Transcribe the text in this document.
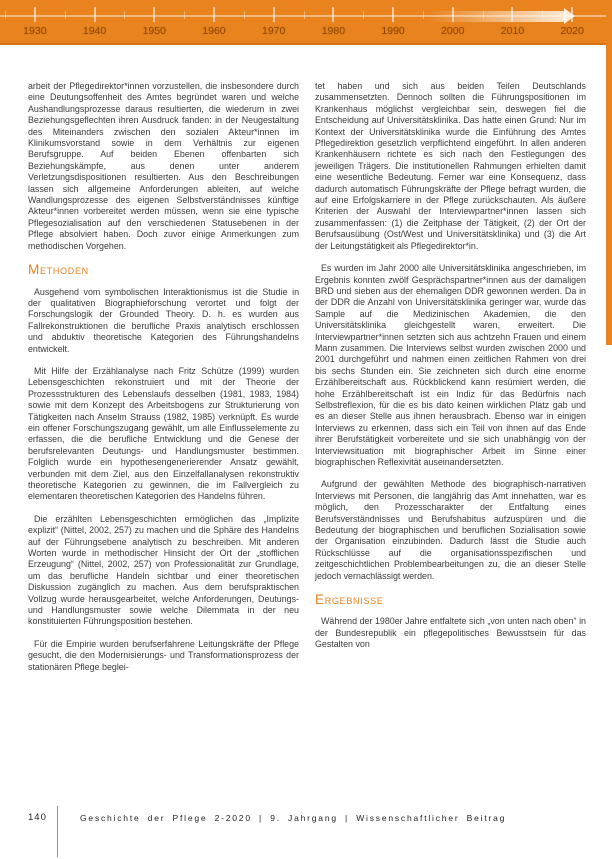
1930	1940	1950	1960	1970	1980	1990	2000	2010	2020

arbeit der Pflegedirektor*innen vorzustellen, die insbesondere durch eine Deutungsoffenheit des Amtes begründet waren und welche Aushandlungsprozesse daraus resultierten, die wiederum in zwei Beziehungsgeflechten ihren Ausdruck fanden: in der Neugestaltung des Miteinanders zwischen den sozialen Akteur*innen im Klinikumsvorstand sowie in dem Verhältnis zur eigenen Berufsgruppe. Auf beiden Ebenen offenbarten sich Beziehungskämpfe, aus denen unter anderem Verletzungsdispositionen resultierten. Aus den Beschreibungen lassen sich allgemeine Anforderungen ableiten, auf welche Wandlungsprozesse des eigenen Selbstverständnisses künftige Akteur*innen vorbereitet werden müssen, wenn sie eine typische Pflegesozialisation auf den verschiedenen Statusebenen in der Pflege absolviert haben. Doch zuvor einige Anmerkungen zum methodischen Vorgehen.

METHODEN

Ausgehend vom symbolischen Interaktionismus ist die Studie in der qualitativen Biographieforschung verortet und folgt der Forschungslogik der Grounded Theory. D. h. es wurden aus Fallrekonstruktionen die berufliche Praxis analytisch erschlossen und abduktiv theoretische Kategorien des Führungshandelns entwickelt.

Mit Hilfe der Erzählanalyse nach Fritz Schütze (1999) wurden Lebensgeschichten rekonstruiert und mit der Theorie der Prozessstrukturen des Lebenslaufs desselben (1981, 1983, 1984) sowie mit dem Konzept des Arbeitsbogens zur Strukturierung von Tätigkeiten nach Anselm Strauss (1982, 1985) verknüpft. Es wurde ein offener Forschungszugang gewählt, um alle Einflusselemente zu erfassen, die die berufliche Entwicklung und die Genese der berufsrelevanten Deutungs- und Handlungsmuster bestimmen. Folglich wurde ein hypothesengenerierender Ansatz gewählt, verbunden mit dem Ziel, aus den Einzelfallanalysen rekonstruktiv theoretische Kategorien zu gewinnen, die im Fallvergleich zu elementaren theoretischen Kategorien des Handelns führen.

Die erzählten Lebensgeschichten ermöglichen das „Implizite explizit“ (Nittel, 2002, 257) zu machen und die Sphäre des Handelns auf der Führungsebene analytisch zu beschreiben. Mit anderen Worten wurde in methodischer Hinsicht der Ort der „stofflichen Erzeugung“ (Nittel, 2002, 257) von Professionalität zur Grundlage, um das berufliche Handeln sichtbar und einer theoretischen Diskussion zugänglich zu machen. Aus dem berufspraktischen Vollzug wurde herausgearbeitet, welche Anforderungen, Deutungs- und Handlungsmuster sowie welche Dilemmata in der neu konstituierten Führungsposition bestehen.

Für die Empirie wurden berufserfahrene Leitungskräfte der Pflege gesucht, die den Modernisierungs- und Transformationsprozess der stationären Pflege beglei-

tet haben und sich aus beiden Teilen Deutschlands zusammensetzten. Dennoch sollten die Führungspositionen im Krankenhaus möglichst vergleichbar sein, deswegen fiel die Entscheidung auf Universitätsklinika. Das hatte einen Grund: Nur im Kontext der Universitätsklinika wurde die Einführung des Amtes Pflegedirektion gesetzlich verpflichtend eingeführt. In allen anderen Krankenhäusern richtete es sich nach den Festlegungen des jeweiligen Trägers. Die institutionellen Rahmungen erhielten damit eine wesentliche Bedeutung. Ferner war eine Konsequenz, dass dadurch automatisch Führungskräfte der Pflege befragt wurden, die auf eine Erfolgskarriere in der Pflege zurückschauten. Als äußere Kriterien der Auswahl der Interviewpartner*innen lassen sich zusammenfassen: (1) die Zeitphase der Tätigkeit, (2) der Ort der Berufsausübung (Ost/West und Universitätsklinika) und (3) die Art der Leitungstätigkeit als Pflegedirektor*in.

Es wurden im Jahr 2000 alle Universitätsklinika angeschrieben, im Ergebnis konnten zwölf Gesprächspartner*innen aus der damaligen BRD und sieben aus der ehemaligen DDR gewonnen werden. Da in der DDR die Anzahl von Universitätsklinika geringer war, wurde das Sample auf die Medizinischen Akademien, die den Universitätsklinika gleichgestellt waren, erweitert. Die Interviewpartner*innen setzten sich aus achtzehn Frauen und einem Mann zusammen. Die Interviews selbst wurden zwischen 2000 und 2001 durchgeführt und nahmen einen zeitlichen Rahmen von drei bis sechs Stunden ein. Sie zeichneten sich durch eine enorme Erzählbereitschaft aus. Rückblickend kann resümiert werden, die hohe Erzählbereitschaft ist ein Indiz für das Bedürfnis nach Selbstreflexion, für die es bis dato keinen wirklichen Platz gab und es an dieser Stelle aus ihnen herausbrach. Ebenso war in einigen Interviews zu erkennen, dass sich ein Teil von ihnen auf das Ende ihrer Berufstätigkeit vorbereitete und sie sich unabhängig von der Interviewsituation mit biographischer Arbeit im Sinne einer biographischen Reflexivität auseinandersetzten.

Aufgrund der gewählten Methode des biographisch-narrativen Interviews mit Personen, die langjährig das Amt innehatten, war es möglich, den Prozesscharakter der Entfaltung eines Berufsverständnisses und Berufshabitus aufzuspüren und die Bedeutung der biographischen und beruflichen Sozialisation sowie der Organisation einzubinden. Dadurch lässt die Studie auch Rückschlüsse auf die organisationsspezifischen und zeitgeschichtlichen Problembearbeitungen zu, die an dieser Stelle jedoch vernachlässigt werden.

ERGEBNISSE

Während der 1980er Jahre entfaltete sich „von unten nach oben“ in der Bundesrepublik ein pflegepolitisches Bewusstsein für das Gestalten von

140	Geschichte der Pflege 2-2020 | 9. Jahrgang | Wissenschaftlicher Beitrag
